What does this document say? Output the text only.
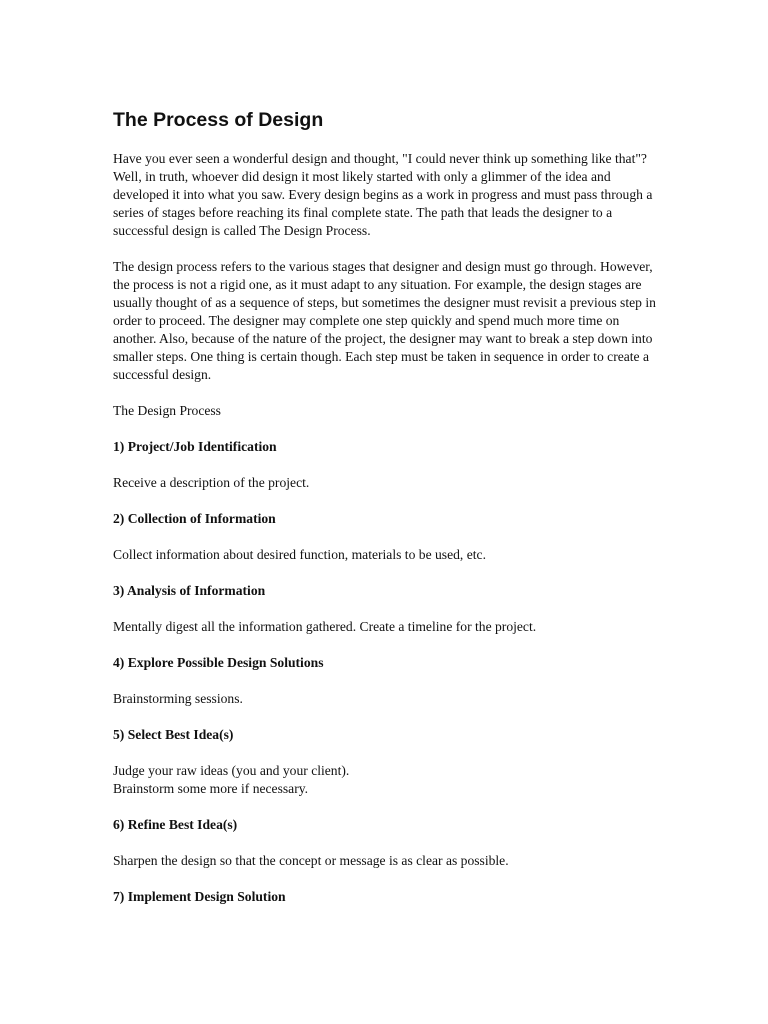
The Process of Design

Have you ever seen a wonderful design and thought, "I could never think up something like that"? Well, in truth, whoever did design it most likely started with only a glimmer of the idea and developed it into what you saw. Every design begins as a work in progress and must pass through a series of stages before reaching its final complete state. The path that leads the designer to a successful design is called The Design Process.

The design process refers to the various stages that designer and design must go through. However, the process is not a rigid one, as it must adapt to any situation. For example, the design stages are usually thought of as a sequence of steps, but sometimes the designer must revisit a previous step in order to proceed. The designer may complete one step quickly and spend much more time on another. Also, because of the nature of the project, the designer may want to break a step down into smaller steps. One thing is certain though. Each step must be taken in sequence in order to create a successful design.

The Design Process

1) Project/Job Identification

Receive a description of the project.

2) Collection of Information

Collect information about desired function, materials to be used, etc.

3) Analysis of Information

Mentally digest all the information gathered. Create a timeline for the project.

4) Explore Possible Design Solutions

Brainstorming sessions.

5) Select Best Idea(s)

Judge your raw ideas (you and your client).
Brainstorm some more if necessary.

6) Refine Best Idea(s)

Sharpen the design so that the concept or message is as clear as possible.

7) Implement Design Solution
